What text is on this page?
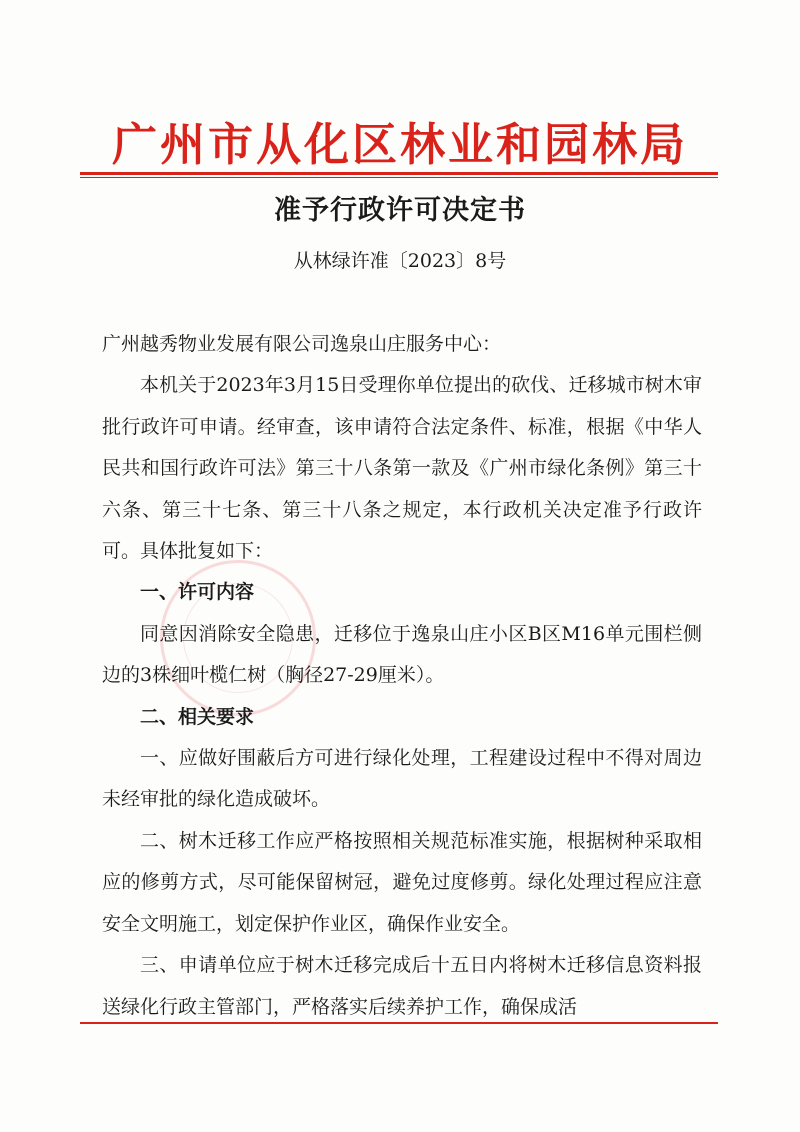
广州市从化区林业和园林局
准予行政许可决定书
从林绿许准〔2023〕8号

广州越秀物业发展有限公司逸泉山庄服务中心：

本机关于2023年3月15日受理你单位提出的砍伐、迁移城市树木审批行政许可申请。经审查，该申请符合法定条件、标准，根据《中华人民共和国行政许可法》第三十八条第一款及《广州市绿化条例》第三十六条、第三十七条、第三十八条之规定，本行政机关决定准予行政许可。具体批复如下：

一、许可内容

同意因消除安全隐患，迁移位于逸泉山庄小区B区M16单元围栏侧边的3株细叶榄仁树（胸径27-29厘米）。

二、相关要求

一、应做好围蔽后方可进行绿化处理，工程建设过程中不得对周边未经审批的绿化造成破坏。

二、树木迁移工作应严格按照相关规范标准实施，根据树种采取相应的修剪方式，尽可能保留树冠，避免过度修剪。绿化处理过程应注意安全文明施工，划定保护作业区，确保作业安全。

三、申请单位应于树木迁移完成后十五日内将树木迁移信息资料报送绿化行政主管部门，严格落实后续养护工作，确保成活
